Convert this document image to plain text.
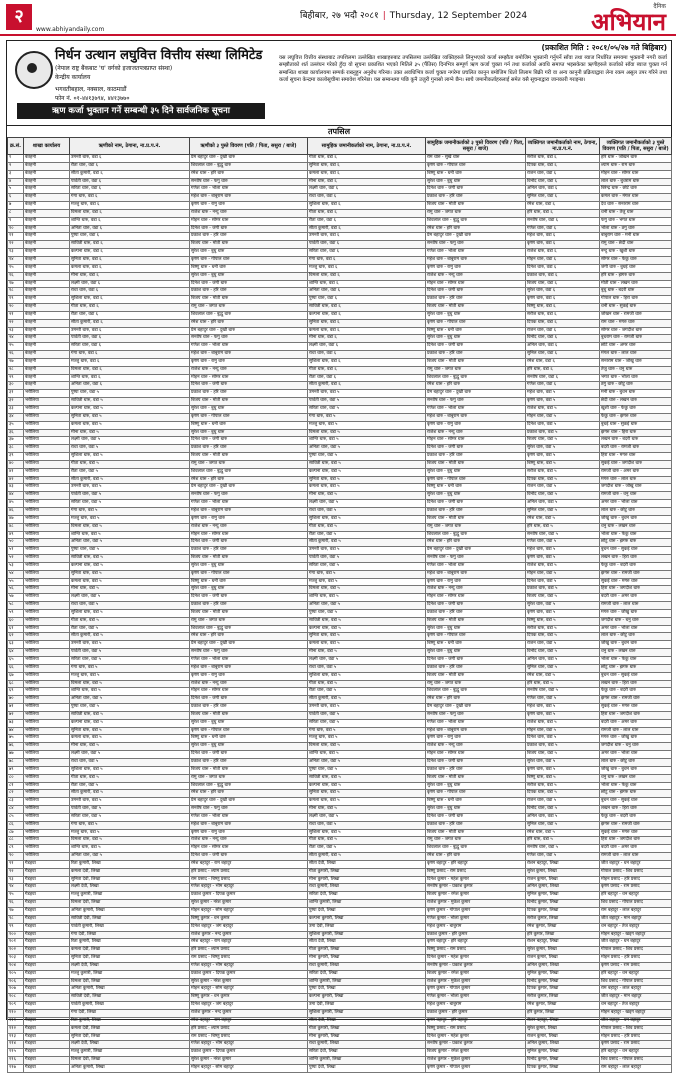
२
www.abhiyandaily.com
बिहीबार, २७ भदौ २०८१ | Thursday, 12 September 2024
दैनिक
अभियान
निर्धन उत्थान लघुवित्त वित्तीय संस्था लिमिटेड
(नेपाल राष्ट्र बैंकबाट 'घ' वर्गको इजाजतपत्रप्राप्त संस्था)
केन्द्रीय कार्यालय
भगवतीबहाल, नक्साल, काठमाडौं
फोन नं. ०१-४४१३७९४, ४४१३७७०
ऋण कर्जा भुक्तान गर्ने सम्बन्धी ३५ दिने सार्वजनिक सूचना
(प्रकाशित मिति : २०८१/०५/२७ गते बिहिबार)
यस लघुवित्त वित्तीय संस्थाबाट तपशिलमा उल्लेखित शाखाहरुबाट तपसिलमा उल्लेखित व्यक्तिहरुले लिनुभएको कर्जा सम्झौता बमोजिम भुक्तानी गर्नुपर्ने साँवा तथा ब्याज निर्धारित समयमा भुक्तानी नगरी कर्जा सम्झौताको शर्त उल्लंघन गरेको हुँदा यो सूचना प्रकाशित भएको मितिले ३५ (पैंतिस) दिनभित्र सम्पूर्ण ऋण कर्जा चुक्ता गर्न तथा कर्जाको अवधि समाप्त भइसकेका ऋणीहरुले कर्जाको साँवा ब्याज चुक्ता गर्न सम्बन्धित शाखा कार्यालयमा सम्पर्क राख्नुहुन अनुरोध गरिन्छ। उक्त अवधिभित्र कर्जा चुक्ता नगरेमा प्रचलित कानुन बमोजिम धितो लिलाम बिक्री गरी वा अन्य कानुनी प्रक्रियाद्वारा लेना रकम असुल उपर गरिने तथा कर्जा सूचना केन्द्रमा कालोसूचीमा समावेश गरिनेछ। यस सम्बन्धमा पछि कुनै उजुरी गुनासो लाग्ने छैन। साथै जमानीकर्ताहरुलाई समेत यसै सूचनाद्वारा जानकारी गराइन्छ।
तपसिल
क्र.सं.	शाखा कार्यालय	ऋणीको नाम, ठेगाना, ना.प्र.प.नं.	ऋणीको ३ पुस्ते विवरण (पति / पिता, ससुरा / बाजे)	सामुहिक जमानीकर्ताको नाम, ठेगाना, ना.प्र.प.नं.	सामुहिक जमानीकर्ताको ३ पुस्ते विवरण (पति / पिता, ससुरा / बाजे)	व्यक्तिगत जमानीकर्ताको नाम, ठेगाना, ना.प्र.प.नं.	व्यक्तिगत जमानीकर्ताको ३ पुस्ते विवरण (पति / पिता, ससुरा / बाजे)
१	बेतहनी	उमन्ती थारु, वडा ६	प्रेम बहादुर थारु - दुखी थारु	गीता थारु, वडा ६	राम थारु - सुखै थारु	सरोज थारु, वडा ६	हरि थारु - जोखन थारु
२	बेतहनी	रीता थारु, वडा ६	शिवलाल थारु - बुद्धु थारु	सुनिता थारु, वडा ६	कृष्ण थारु - गोपाल थारु	दिपक थारु, वडा ६	श्याम थारु - राम थारु
३	बेतहनी	सीता कुमारी, वडा ६	रमेश थारु - हरि थारु	कमला थारु, वडा ६	बिष्णु थारु - धनी थारु	राजन थारु, वडा ६	मोहन थारु - सोमर थारु
४	बेतहनी	पार्वती थारु, वडा ६	सन्तोष थारु - फगु थारु	मीना थारु, वडा ६	सुरेश थारु - बुधु थारु	विनोद थारु, वडा ६	लाल थारु - बुधराम थारु
५	बेतहनी	सरिता थारु, वडा ६	गणेश थारु - भोला थारु	लक्ष्मी थारु, वडा ६	दिनेश थारु - जंगी थारु	अनिल थारु, वडा ६	बिरेन्द्र थारु - छोटे थारु
६	बेतहनी	गंगा थारु, वडा ६	महेश थारु - बाबुराम थारु	राधा थारु, वडा ६	प्रकाश थारु - हरि थारु	सुनिल थारु, वडा ६	कमल थारु - मंगल थारु
७	बेतहनी	मञ्जु थारु, वडा ६	कृष्ण थारु - रामु थारु	सुशिला थारु, वडा ६	बिजय थारु - मोती थारु	रमेश थारु, वडा ६	देव थारु - सन्तराम थारु
८	बेतहनी	विमला थारु, वडा ६	राजेश थारु - नन्दु थारु	गीता थारु, वडा ६	रामु थारु - जगत थारु	हरि थारु, वडा ६	धनी थारु - तेजु थारु
९	बेतहनी	शान्ति थारु, वडा ६	मोहन थारु - सोमर थारु	रीता थारु, वडा ६	शिवलाल थारु - बुद्धु थारु	सन्तोष थारु, वडा ६	फगु थारु - भगत थारु
१०	बेतहनी	अनिता थारु, वडा ६	दिनेश थारु - जंगी थारु	सीता कुमारी, वडा ६	रमेश थारु - हरि थारु	गणेश थारु, वडा ६	भोला थारु - ठगु थारु
११	बेतहनी	पुष्पा थारु, वडा ६	प्रकाश थारु - हरि थारु	उमन्ती थारु, वडा ६	प्रेम बहादुर थारु - दुखी थारु	महेश थारु, वडा ६	बाबुराम थारु - मनी थारु
१२	बेतहनी	सावित्री थारु, वडा ६	बिजय थारु - मोती थारु	पार्वती थारु, वडा ६	सन्तोष थारु - फगु थारु	कृष्ण थारु, वडा ६	रामु थारु - छेदी थारु
१३	बेतहनी	कल्पना थारु, वडा ६	सुरेश थारु - बुधु थारु	सरिता थारु, वडा ६	गणेश थारु - भोला थारु	राजेश थारु, वडा ६	नन्दु थारु - खुशी थारु
१४	बेतहनी	सुनिता थारु, वडा ६	कृष्ण थारु - गोपाल थारु	गंगा थारु, वडा ६	महेश थारु - बाबुराम थारु	मोहन थारु, वडा ६	सोमर थारु - फेकु थारु
१५	बेतहनी	कमला थारु, वडा ६	बिष्णु थारु - धनी थारु	मञ्जु थारु, वडा ६	कृष्ण थारु - रामु थारु	दिनेश थारु, वडा ६	जंगी थारु - बुधई थारु
१६	बेतहनी	मीना थारु, वडा ६	सुरेश थारु - बुधु थारु	विमला थारु, वडा ६	राजेश थारु - नन्दु थारु	प्रकाश थारु, वडा ६	हरि थारु - झगरु थारु
१७	बेतहनी	लक्ष्मी थारु, वडा ६	दिनेश थारु - जंगी थारु	शान्ति थारु, वडा ६	मोहन थारु - सोमर थारु	बिजय थारु, वडा ६	मोती थारु - लखन थारु
१८	बेतहनी	राधा थारु, वडा ६	प्रकाश थारु - हरि थारु	अनिता थारु, वडा ६	दिनेश थारु - जंगी थारु	सुरेश थारु, वडा ६	बुधु थारु - बदरी थारु
१९	बेतहनी	सुशिला थारु, वडा ६	बिजय थारु - मोती थारु	पुष्पा थारु, वडा ६	प्रकाश थारु - हरि थारु	कृष्ण थारु, वडा ६	गोपाल थारु - हिरा थारु
२०	बेतहनी	गीता थारु, वडा ६	रामु थारु - जगत थारु	सावित्री थारु, वडा ६	बिजय थारु - मोती थारु	बिष्णु थारु, वडा ६	धनी थारु - सुकई थारु
२१	बेतहनी	रीता थारु, वडा ६	शिवलाल थारु - बुद्धु थारु	कल्पना थारु, वडा ६	सुरेश थारु - बुधु थारु	सरोज थारु, वडा ६	जोखन थारु - रामजी थारु
२२	बेतहनी	सीता कुमारी, वडा ६	रमेश थारु - हरि थारु	सुनिता थारु, वडा ६	कृष्ण थारु - गोपाल थारु	दिपक थारु, वडा ६	राम थारु - मगरु थारु
२३	बेतहनी	उमन्ती थारु, वडा ६	प्रेम बहादुर थारु - दुखी थारु	कमला थारु, वडा ६	बिष्णु थारु - धनी थारु	राजन थारु, वडा ६	सोमर थारु - जगदीश थारु
२४	बेतहनी	पार्वती थारु, वडा ६	सन्तोष थारु - फगु थारु	मीना थारु, वडा ६	सुरेश थारु - बुधु थारु	विनोद थारु, वडा ६	बुधराम थारु - रामजी थारु
२५	बेतहनी	सरिता थारु, वडा ६	गणेश थारु - भोला थारु	लक्ष्मी थारु, वडा ६	दिनेश थारु - जंगी थारु	अनिल थारु, वडा ६	छोटे थारु - अमर थारु
२६	बेतहनी	गंगा थारु, वडा ६	महेश थारु - बाबुराम थारु	राधा थारु, वडा ६	प्रकाश थारु - हरि थारु	सुनिल थारु, वडा ६	मंगल थारु - लाल थारु
२७	बेतहनी	मञ्जु थारु, वडा ६	कृष्ण थारु - रामु थारु	सुशिला थारु, वडा ६	बिजय थारु - मोती थारु	रमेश थारु, वडा ६	सन्तराम थारु - जोखु थारु
२८	बेतहनी	विमला थारु, वडा ६	राजेश थारु - नन्दु थारु	गीता थारु, वडा ६	रामु थारु - जगत थारु	हरि थारु, वडा ६	तेजु थारु - धनु थारु
२९	बेतहनी	शान्ति थारु, वडा ६	मोहन थारु - सोमर थारु	रीता थारु, वडा ६	शिवलाल थारु - बुद्धु थारु	सन्तोष थारु, वडा ६	भगत थारु - भोला थारु
३०	बेतहनी	अनिता थारु, वडा ६	दिनेश थारु - जंगी थारु	सीता कुमारी, वडा ६	रमेश थारु - हरि थारु	गणेश थारु, वडा ६	ठगु थारु - छोटु थारु
३१	भरौलिया	पुष्पा थारु, वडा ५	प्रकाश थारु - हरि थारु	उमन्ती थारु, वडा ५	प्रेम बहादुर थारु - दुखी थारु	महेश थारु, वडा ५	मनी थारु - बुधन थारु
३२	भरौलिया	सावित्री थारु, वडा ५	बिजय थारु - मोती थारु	पार्वती थारु, वडा ५	सन्तोष थारु - फगु थारु	कृष्ण थारु, वडा ५	छेदी थारु - लखन थारु
३३	भरौलिया	कल्पना थारु, वडा ५	सुरेश थारु - बुधु थारु	सरिता थारु, वडा ५	गणेश थारु - भोला थारु	राजेश थारु, वडा ५	खुशी थारु - फेकु थारु
३४	भरौलिया	सुनिता थारु, वडा ५	कृष्ण थारु - गोपाल थारु	गंगा थारु, वडा ५	महेश थारु - बाबुराम थारु	मोहन थारु, वडा ५	फेकु थारु - झगरु थारु
३५	भरौलिया	कमला थारु, वडा ५	बिष्णु थारु - धनी थारु	मञ्जु थारु, वडा ५	कृष्ण थारु - रामु थारु	दिनेश थारु, वडा ५	बुधई थारु - सुकई थारु
३६	भरौलिया	मीना थारु, वडा ५	सुरेश थारु - बुधु थारु	विमला थारु, वडा ५	राजेश थारु - नन्दु थारु	प्रकाश थारु, वडा ५	झगरु थारु - हिरा थारु
३७	भरौलिया	लक्ष्मी थारु, वडा ५	दिनेश थारु - जंगी थारु	शान्ति थारु, वडा ५	मोहन थारु - सोमर थारु	बिजय थारु, वडा ५	लखन थारु - बदरी थारु
३८	भरौलिया	राधा थारु, वडा ५	प्रकाश थारु - हरि थारु	अनिता थारु, वडा ५	दिनेश थारु - जंगी थारु	सुरेश थारु, वडा ५	बदरी थारु - रामजी थारु
३९	भरौलिया	सुशिला थारु, वडा ५	बिजय थारु - मोती थारु	पुष्पा थारु, वडा ५	प्रकाश थारु - हरि थारु	कृष्ण थारु, वडा ५	हिरा थारु - मगरु थारु
४०	भरौलिया	गीता थारु, वडा ५	रामु थारु - जगत थारु	सावित्री थारु, वडा ५	बिजय थारु - मोती थारु	बिष्णु थारु, वडा ५	सुकई थारु - जगदीश थारु
४१	भरौलिया	रीता थारु, वडा ५	शिवलाल थारु - बुद्धु थारु	कल्पना थारु, वडा ५	सुरेश थारु - बुधु थारु	सरोज थारु, वडा ५	रामजी थारु - अमर थारु
४२	भरौलिया	सीता कुमारी, वडा ५	रमेश थारु - हरि थारु	सुनिता थारु, वडा ५	कृष्ण थारु - गोपाल थारु	दिपक थारु, वडा ५	मगरु थारु - लाल थारु
४३	भरौलिया	उमन्ती थारु, वडा ५	प्रेम बहादुर थारु - दुखी थारु	कमला थारु, वडा ५	बिष्णु थारु - धनी थारु	राजन थारु, वडा ५	जगदीश थारु - जोखु थारु
४४	भरौलिया	पार्वती थारु, वडा ५	सन्तोष थारु - फगु थारु	मीना थारु, वडा ५	सुरेश थारु - बुधु थारु	विनोद थारु, वडा ५	रामजी थारु - धनु थारु
४५	भरौलिया	सरिता थारु, वडा ५	गणेश थारु - भोला थारु	लक्ष्मी थारु, वडा ५	दिनेश थारु - जंगी थारु	अनिल थारु, वडा ५	अमर थारु - भोला थारु
४६	भरौलिया	गंगा थारु, वडा ५	महेश थारु - बाबुराम थारु	राधा थारु, वडा ५	प्रकाश थारु - हरि थारु	सुनिल थारु, वडा ५	लाल थारु - छोटु थारु
४७	भरौलिया	मञ्जु थारु, वडा ५	कृष्ण थारु - रामु थारु	सुशिला थारु, वडा ५	बिजय थारु - मोती थारु	रमेश थारु, वडा ५	जोखु थारु - बुधन थारु
४८	भरौलिया	विमला थारु, वडा ५	राजेश थारु - नन्दु थारु	गीता थारु, वडा ५	रामु थारु - जगत थारु	हरि थारु, वडा ५	धनु थारु - लखन थारु
४९	भरौलिया	शान्ति थारु, वडा ५	मोहन थारु - सोमर थारु	रीता थारु, वडा ५	शिवलाल थारु - बुद्धु थारु	सन्तोष थारु, वडा ५	भोला थारु - फेकु थारु
५०	भरौलिया	अनिता थारु, वडा ५	दिनेश थारु - जंगी थारु	सीता कुमारी, वडा ५	रमेश थारु - हरि थारु	गणेश थारु, वडा ५	छोटु थारु - झगरु थारु
५१	भरौलिया	पुष्पा थारु, वडा ५	प्रकाश थारु - हरि थारु	उमन्ती थारु, वडा ५	प्रेम बहादुर थारु - दुखी थारु	महेश थारु, वडा ५	बुधन थारु - सुकई थारु
५२	भरौलिया	सावित्री थारु, वडा ५	बिजय थारु - मोती थारु	पार्वती थारु, वडा ५	सन्तोष थारु - फगु थारु	कृष्ण थारु, वडा ५	लखन थारु - हिरा थारु
५३	भरौलिया	कल्पना थारु, वडा ५	सुरेश थारु - बुधु थारु	सरिता थारु, वडा ५	गणेश थारु - भोला थारु	राजेश थारु, वडा ५	फेकु थारु - बदरी थारु
५४	भरौलिया	सुनिता थारु, वडा ५	कृष्ण थारु - गोपाल थारु	गंगा थारु, वडा ५	महेश थारु - बाबुराम थारु	मोहन थारु, वडा ५	झगरु थारु - रामजी थारु
५५	भरौलिया	कमला थारु, वडा ५	बिष्णु थारु - धनी थारु	मञ्जु थारु, वडा ५	कृष्ण थारु - रामु थारु	दिनेश थारु, वडा ५	सुकई थारु - मगरु थारु
५६	भरौलिया	मीना थारु, वडा ५	सुरेश थारु - बुधु थारु	विमला थारु, वडा ५	राजेश थारु - नन्दु थारु	प्रकाश थारु, वडा ५	हिरा थारु - जगदीश थारु
५७	भरौलिया	लक्ष्मी थारु, वडा ५	दिनेश थारु - जंगी थारु	शान्ति थारु, वडा ५	मोहन थारु - सोमर थारु	बिजय थारु, वडा ५	बदरी थारु - अमर थारु
५८	भरौलिया	राधा थारु, वडा ५	प्रकाश थारु - हरि थारु	अनिता थारु, वडा ५	दिनेश थारु - जंगी थारु	सुरेश थारु, वडा ५	रामजी थारु - लाल थारु
५९	भरौलिया	सुशिला थारु, वडा ५	बिजय थारु - मोती थारु	पुष्पा थारु, वडा ५	प्रकाश थारु - हरि थारु	कृष्ण थारु, वडा ५	मगरु थारु - जोखु थारु
६०	भरौलिया	गीता थारु, वडा ५	रामु थारु - जगत थारु	सावित्री थारु, वडा ५	बिजय थारु - मोती थारु	बिष्णु थारु, वडा ५	जगदीश थारु - धनु थारु
६१	भरौलिया	रीता थारु, वडा ५	शिवलाल थारु - बुद्धु थारु	कल्पना थारु, वडा ५	सुरेश थारु - बुधु थारु	सरोज थारु, वडा ५	अमर थारु - भोला थारु
६२	भरौलिया	सीता कुमारी, वडा ५	रमेश थारु - हरि थारु	सुनिता थारु, वडा ५	कृष्ण थारु - गोपाल थारु	दिपक थारु, वडा ५	लाल थारु - छोटु थारु
६३	भरौलिया	उमन्ती थारु, वडा ५	प्रेम बहादुर थारु - दुखी थारु	कमला थारु, वडा ५	बिष्णु थारु - धनी थारु	राजन थारु, वडा ५	जोखु थारु - बुधन थारु
६४	भरौलिया	पार्वती थारु, वडा ५	सन्तोष थारु - फगु थारु	मीना थारु, वडा ५	सुरेश थारु - बुधु थारु	विनोद थारु, वडा ५	धनु थारु - लखन थारु
६५	भरौलिया	सरिता थारु, वडा ५	गणेश थारु - भोला थारु	लक्ष्मी थारु, वडा ५	दिनेश थारु - जंगी थारु	अनिल थारु, वडा ५	भोला थारु - फेकु थारु
६६	भरौलिया	गंगा थारु, वडा ५	महेश थारु - बाबुराम थारु	राधा थारु, वडा ५	प्रकाश थारु - हरि थारु	सुनिल थारु, वडा ५	छोटु थारु - झगरु थारु
६७	भरौलिया	मञ्जु थारु, वडा ५	कृष्ण थारु - रामु थारु	सुशिला थारु, वडा ५	बिजय थारु - मोती थारु	रमेश थारु, वडा ५	बुधन थारु - सुकई थारु
६८	भरौलिया	विमला थारु, वडा ५	राजेश थारु - नन्दु थारु	गीता थारु, वडा ५	रामु थारु - जगत थारु	हरि थारु, वडा ५	लखन थारु - हिरा थारु
६९	भरौलिया	शान्ति थारु, वडा ५	मोहन थारु - सोमर थारु	रीता थारु, वडा ५	शिवलाल थारु - बुद्धु थारु	सन्तोष थारु, वडा ५	फेकु थारु - बदरी थारु
७०	भरौलिया	अनिता थारु, वडा ५	दिनेश थारु - जंगी थारु	सीता कुमारी, वडा ५	रमेश थारु - हरि थारु	गणेश थारु, वडा ५	झगरु थारु - रामजी थारु
७१	भरौलिया	पुष्पा थारु, वडा ५	प्रकाश थारु - हरि थारु	उमन्ती थारु, वडा ५	प्रेम बहादुर थारु - दुखी थारु	महेश थारु, वडा ५	सुकई थारु - मगरु थारु
७२	भरौलिया	सावित्री थारु, वडा ५	बिजय थारु - मोती थारु	पार्वती थारु, वडा ५	सन्तोष थारु - फगु थारु	कृष्ण थारु, वडा ५	हिरा थारु - जगदीश थारु
७३	भरौलिया	कल्पना थारु, वडा ५	सुरेश थारु - बुधु थारु	सरिता थारु, वडा ५	गणेश थारु - भोला थारु	राजेश थारु, वडा ५	बदरी थारु - अमर थारु
७४	भरौलिया	सुनिता थारु, वडा ५	कृष्ण थारु - गोपाल थारु	गंगा थारु, वडा ५	महेश थारु - बाबुराम थारु	मोहन थारु, वडा ५	रामजी थारु - लाल थारु
७५	भरौलिया	कमला थारु, वडा ५	बिष्णु थारु - धनी थारु	मञ्जु थारु, वडा ५	कृष्ण थारु - रामु थारु	दिनेश थारु, वडा ५	मगरु थारु - जोखु थारु
७६	भरौलिया	मीना थारु, वडा ५	सुरेश थारु - बुधु थारु	विमला थारु, वडा ५	राजेश थारु - नन्दु थारु	प्रकाश थारु, वडा ५	जगदीश थारु - धनु थारु
७७	भरौलिया	लक्ष्मी थारु, वडा ५	दिनेश थारु - जंगी थारु	शान्ति थारु, वडा ५	मोहन थारु - सोमर थारु	बिजय थारु, वडा ५	अमर थारु - भोला थारु
७८	भरौलिया	राधा थारु, वडा ५	प्रकाश थारु - हरि थारु	अनिता थारु, वडा ५	दिनेश थारु - जंगी थारु	सुरेश थारु, वडा ५	लाल थारु - छोटु थारु
७९	भरौलिया	सुशिला थारु, वडा ५	बिजय थारु - मोती थारु	पुष्पा थारु, वडा ५	प्रकाश थारु - हरि थारु	कृष्ण थारु, वडा ५	जोखु थारु - बुधन थारु
८०	भरौलिया	गीता थारु, वडा ५	रामु थारु - जगत थारु	सावित्री थारु, वडा ५	बिजय थारु - मोती थारु	बिष्णु थारु, वडा ५	धनु थारु - लखन थारु
८१	भरौलिया	रीता थारु, वडा ५	शिवलाल थारु - बुद्धु थारु	कल्पना थारु, वडा ५	सुरेश थारु - बुधु थारु	सरोज थारु, वडा ५	भोला थारु - फेकु थारु
८२	भरौलिया	सीता कुमारी, वडा ५	रमेश थारु - हरि थारु	सुनिता थारु, वडा ५	कृष्ण थारु - गोपाल थारु	दिपक थारु, वडा ५	छोटु थारु - झगरु थारु
८३	भरौलिया	उमन्ती थारु, वडा ५	प्रेम बहादुर थारु - दुखी थारु	कमला थारु, वडा ५	बिष्णु थारु - धनी थारु	राजन थारु, वडा ५	बुधन थारु - सुकई थारु
८४	भरौलिया	पार्वती थारु, वडा ५	सन्तोष थारु - फगु थारु	मीना थारु, वडा ५	सुरेश थारु - बुधु थारु	विनोद थारु, वडा ५	लखन थारु - हिरा थारु
८५	भरौलिया	सरिता थारु, वडा ५	गणेश थारु - भोला थारु	लक्ष्मी थारु, वडा ५	दिनेश थारु - जंगी थारु	अनिल थारु, वडा ५	फेकु थारु - बदरी थारु
८६	भरौलिया	गंगा थारु, वडा ५	महेश थारु - बाबुराम थारु	राधा थारु, वडा ५	प्रकाश थारु - हरि थारु	सुनिल थारु, वडा ५	झगरु थारु - रामजी थारु
८७	भरौलिया	मञ्जु थारु, वडा ५	कृष्ण थारु - रामु थारु	सुशिला थारु, वडा ५	बिजय थारु - मोती थारु	रमेश थारु, वडा ५	सुकई थारु - मगरु थारु
८८	भरौलिया	विमला थारु, वडा ५	राजेश थारु - नन्दु थारु	गीता थारु, वडा ५	रामु थारु - जगत थारु	हरि थारु, वडा ५	हिरा थारु - जगदीश थारु
८९	भरौलिया	शान्ति थारु, वडा ५	मोहन थारु - सोमर थारु	रीता थारु, वडा ५	शिवलाल थारु - बुद्धु थारु	सन्तोष थारु, वडा ५	बदरी थारु - अमर थारु
९०	भरौलिया	अनिता थारु, वडा ५	दिनेश थारु - जंगी थारु	सीता कुमारी, वडा ५	रमेश थारु - हरि थारु	गणेश थारु, वडा ५	रामजी थारु - लाल थारु
९१	गैडहवा	रिता कुमारी, लिखा	रमेश बहादुर - राम बहादुर	सीता देवी, लिखा	कृष्ण बहादुर - हरि बहादुर	रोशन बहादुर, लिखा	जीत बहादुर - धन बहादुर
९२	गैडहवा	कमला देवी, लिखा	हरि प्रसाद - श्याम प्रसाद	गीता कुमारी, लिखा	बिष्णु प्रसाद - राम प्रसाद	सुरेश कुमार, लिखा	गोपाल प्रसाद - शिव प्रसाद
९३	गैडहवा	सुनिता देवी, लिखा	राम प्रसाद - बिष्णु प्रसाद	मीना कुमारी, लिखा	दिनेश कुमार - महेश कुमार	राजन कुमार, लिखा	मोहन प्रसाद - हरि प्रसाद
९४	गैडहवा	लक्ष्मी देवी, लिखा	गणेश बहादुर - भीम बहादुर	राधा कुमारी, लिखा	सन्तोष कुमार - प्रकाश कुमार	अनिल कुमार, लिखा	कृष्ण प्रसाद - राम प्रसाद
९५	गैडहवा	मञ्जु कुमारी, लिखा	प्रकाश कुमार - दिपक कुमार	सरिता देवी, लिखा	बिजय कुमार - रमेश कुमार	सुनिल कुमार, लिखा	हरि बहादुर - धन बहादुर
९६	गैडहवा	विमला देवी, लिखा	सुरेश कुमार - नरेश कुमार	शान्ति कुमारी, लिखा	राजेश कुमार - मुकेश कुमार	विनोद कुमार, लिखा	शिव प्रसाद - गोपाल प्रसाद
९७	गैडहवा	अनिता कुमारी, लिखा	मोहन बहादुर - सोम बहादुर	पुष्पा देवी, लिखा	कृष्ण कुमार - गोपाल कुमार	दिपक कुमार, लिखा	राम बहादुर - लाल बहादुर
९८	गैडहवा	सावित्री देवी, लिखा	बिष्णु कुमार - धन कुमार	कल्पना कुमारी, लिखा	गणेश कुमार - भोला कुमार	सरोज कुमार, लिखा	जीत बहादुर - मान बहादुर
९९	गैडहवा	पार्वती कुमारी, लिखा	दिनेश बहादुर - जंग बहादुर	उमा देवी, लिखा	महेश कुमार - बाबुराम	रमेश कुमार, लिखा	धन बहादुर - तेज बहादुर
१००	गैडहवा	गंगा देवी, लिखा	राजेश कुमार - नन्द कुमार	सुशिला कुमारी, लिखा	प्रकाश कुमार - हरि कुमार	हरि कुमार, लिखा	मोहन बहादुर - खड्ग बहादुर
१०१	गैडहवा	रिता कुमारी, लिखा	रमेश बहादुर - राम बहादुर	सीता देवी, लिखा	कृष्ण बहादुर - हरि बहादुर	रोशन बहादुर, लिखा	जीत बहादुर - धन बहादुर
१०२	गैडहवा	कमला देवी, लिखा	हरि प्रसाद - श्याम प्रसाद	गीता कुमारी, लिखा	बिष्णु प्रसाद - राम प्रसाद	सुरेश कुमार, लिखा	गोपाल प्रसाद - शिव प्रसाद
१०३	गैडहवा	सुनिता देवी, लिखा	राम प्रसाद - बिष्णु प्रसाद	मीना कुमारी, लिखा	दिनेश कुमार - महेश कुमार	राजन कुमार, लिखा	मोहन प्रसाद - हरि प्रसाद
१०४	गैडहवा	लक्ष्मी देवी, लिखा	गणेश बहादुर - भीम बहादुर	राधा कुमारी, लिखा	सन्तोष कुमार - प्रकाश कुमार	अनिल कुमार, लिखा	कृष्ण प्रसाद - राम प्रसाद
१०५	गैडहवा	मञ्जु कुमारी, लिखा	प्रकाश कुमार - दिपक कुमार	सरिता देवी, लिखा	बिजय कुमार - रमेश कुमार	सुनिल कुमार, लिखा	हरि बहादुर - धन बहादुर
१०६	गैडहवा	विमला देवी, लिखा	सुरेश कुमार - नरेश कुमार	शान्ति कुमारी, लिखा	राजेश कुमार - मुकेश कुमार	विनोद कुमार, लिखा	शिव प्रसाद - गोपाल प्रसाद
१०७	गैडहवा	अनिता कुमारी, लिखा	मोहन बहादुर - सोम बहादुर	पुष्पा देवी, लिखा	कृष्ण कुमार - गोपाल कुमार	दिपक कुमार, लिखा	राम बहादुर - लाल बहादुर
१०८	गैडहवा	सावित्री देवी, लिखा	बिष्णु कुमार - धन कुमार	कल्पना कुमारी, लिखा	गणेश कुमार - भोला कुमार	सरोज कुमार, लिखा	जीत बहादुर - मान बहादुर
१०९	गैडहवा	पार्वती कुमारी, लिखा	दिनेश बहादुर - जंग बहादुर	उमा देवी, लिखा	महेश कुमार - बाबुराम	रमेश कुमार, लिखा	धन बहादुर - तेज बहादुर
११०	गैडहवा	गंगा देवी, लिखा	राजेश कुमार - नन्द कुमार	सुशिला कुमारी, लिखा	प्रकाश कुमार - हरि कुमार	हरि कुमार, लिखा	मोहन बहादुर - खड्ग बहादुर
१११	गैडहवा	रिता कुमारी, लिखा	रमेश बहादुर - राम बहादुर	सीता देवी, लिखा	कृष्ण बहादुर - हरि बहादुर	रोशन बहादुर, लिखा	जीत बहादुर - धन बहादुर
११२	गैडहवा	कमला देवी, लिखा	हरि प्रसाद - श्याम प्रसाद	गीता कुमारी, लिखा	बिष्णु प्रसाद - राम प्रसाद	सुरेश कुमार, लिखा	गोपाल प्रसाद - शिव प्रसाद
११३	गैडहवा	सुनिता देवी, लिखा	राम प्रसाद - बिष्णु प्रसाद	मीना कुमारी, लिखा	दिनेश कुमार - महेश कुमार	राजन कुमार, लिखा	मोहन प्रसाद - हरि प्रसाद
११४	गैडहवा	लक्ष्मी देवी, लिखा	गणेश बहादुर - भीम बहादुर	राधा कुमारी, लिखा	सन्तोष कुमार - प्रकाश कुमार	अनिल कुमार, लिखा	कृष्ण प्रसाद - राम प्रसाद
११५	गैडहवा	मञ्जु कुमारी, लिखा	प्रकाश कुमार - दिपक कुमार	सरिता देवी, लिखा	बिजय कुमार - रमेश कुमार	सुनिल कुमार, लिखा	हरि बहादुर - धन बहादुर
११६	गैडहवा	विमला देवी, लिखा	सुरेश कुमार - नरेश कुमार	शान्ति कुमारी, लिखा	राजेश कुमार - मुकेश कुमार	विनोद कुमार, लिखा	शिव प्रसाद - गोपाल प्रसाद
११७	गैडहवा	अनिता कुमारी, लिखा	मोहन बहादुर - सोम बहादुर	पुष्पा देवी, लिखा	कृष्ण कुमार - गोपाल कुमार	दिपक कुमार, लिखा	राम बहादुर - लाल बहादुर
